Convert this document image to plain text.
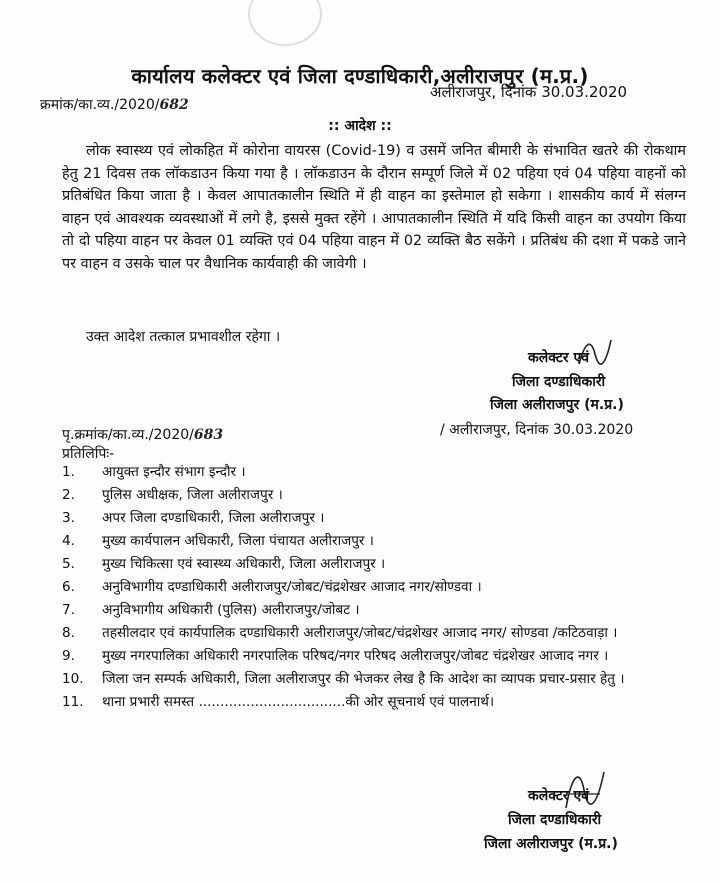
कार्यालय कलेक्टर एवं जिला दण्डाधिकारी,अलीराजपुर (म.प्र.)
क्रमांक/का.व्य./2020/682
अलीराजपुर, दिनांक 30.03.2020
:: आदेश ::
लोक स्वास्थ्य एवं लोकहित में कोरोना वायरस (Covid-19) व उसमें जनित बीमारी के संभावित खतरे की रोकथाम हेतु 21 दिवस तक लॉकडाउन किया गया है । लॉकडाउन के दौरान सम्पूर्ण जिले में 02 पहिया एवं 04 पहिया वाहनों को प्रतिबंधित किया जाता है । केवल आपातकालीन स्थिति में ही वाहन का इस्तेमाल हो सकेगा । शासकीय कार्य में संलग्न वाहन एवं आवश्यक व्यवस्थाओं में लगे है, इससे मुक्त रहेंगे । आपातकालीन स्थिति में यदि किसी वाहन का उपयोग किया तो दो पहिया वाहन पर केवल 01 व्यक्ति एवं 04 पहिया वाहन में 02 व्यक्ति बैठ सकेंगे । प्रतिबंध की दशा में पकडे जाने पर वाहन व उसके चाल पर वैधानिक कार्यवाही की जावेगी ।
उक्त आदेश तत्काल प्रभावशील रहेगा ।
कलेक्टर एवं
जिला दण्डाधिकारी
जिला अलीराजपुर (म.प्र.)
पृ.क्रमांक/का.व्य./2020/683	/ अलीराजपुर, दिनांक 30.03.2020
प्रतिलिपिः-
1.	आयुक्त इन्दौर संभाग इन्दौर ।
2.	पुलिस अधीक्षक, जिला अलीराजपुर ।
3.	अपर जिला दण्डाधिकारी, जिला अलीराजपुर ।
4.	मुख्य कार्यपालन अधिकारी, जिला पंचायत अलीराजपुर ।
5.	मुख्य चिकित्सा एवं स्वास्थ्य अधिकारी, जिला अलीराजपुर ।
6.	अनुविभागीय दण्डाधिकारी अलीराजपुर/जोबट/चंद्रशेखर आजाद नगर/सोण्डवा ।
7.	अनुविभागीय अधिकारी (पुलिस) अलीराजपुर/जोबट ।
8.	तहसीलदार एवं कार्यपालिक दण्डाधिकारी अलीराजपुर/जोबट/चंद्रशेखर आजाद नगर/ सोण्डवा /कटिठवाड़ा ।
9.	मुख्य नगरपालिका अधिकारी नगरपालिक परिषद/नगर परिषद अलीराजपुर/जोबट चंद्रशेखर आजाद नगर ।
10.	जिला जन सम्पर्क अधिकारी, जिला अलीराजपुर की भेजकर लेख है कि आदेश का व्यापक प्रचार-प्रसार हेतु ।
11.	थाना प्रभारी समस्त ..................................की ओर सूचनार्थ एवं पालनार्थ।
कलेक्टर एवं
जिला दण्डाधिकारी
जिला अलीराजपुर (म.प्र.)
